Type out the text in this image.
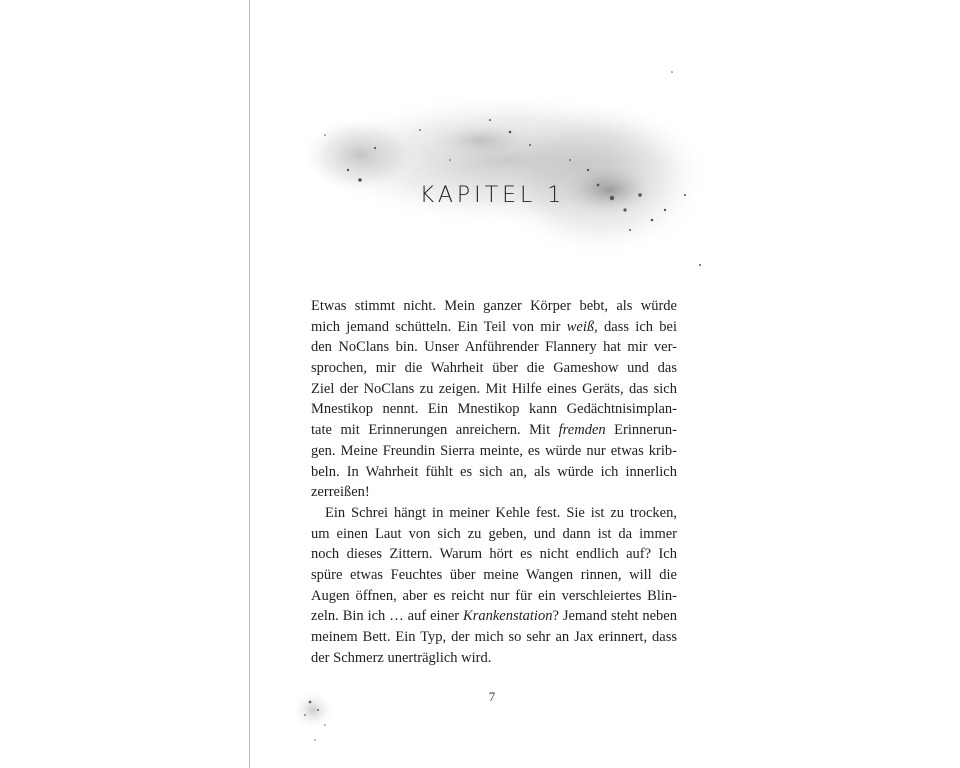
KAPITEL 1
Etwas stimmt nicht. Mein ganzer Körper bebt, als würde
mich jemand schütteln. Ein Teil von mir weiß, dass ich bei
den NoClans bin. Unser Anführender Flannery hat mir ver-
sprochen, mir die Wahrheit über die Gameshow und das
Ziel der NoClans zu zeigen. Mit Hilfe eines Geräts, das sich
Mnestikop nennt. Ein Mnestikop kann Gedächtnisimplan-
tate mit Erinnerungen anreichern. Mit fremden Erinnerun-
gen. Meine Freundin Sierra meinte, es würde nur etwas krib-
beln. In Wahrheit fühlt es sich an, als würde ich innerlich
zerreißen!
Ein Schrei hängt in meiner Kehle fest. Sie ist zu trocken,
um einen Laut von sich zu geben, und dann ist da immer
noch dieses Zittern. Warum hört es nicht endlich auf? Ich
spüre etwas Feuchtes über meine Wangen rinnen, will die
Augen öffnen, aber es reicht nur für ein verschleiertes Blin-
zeln. Bin ich … auf einer Krankenstation? Jemand steht neben
meinem Bett. Ein Typ, der mich so sehr an Jax erinnert, dass
der Schmerz unerträglich wird.
7
